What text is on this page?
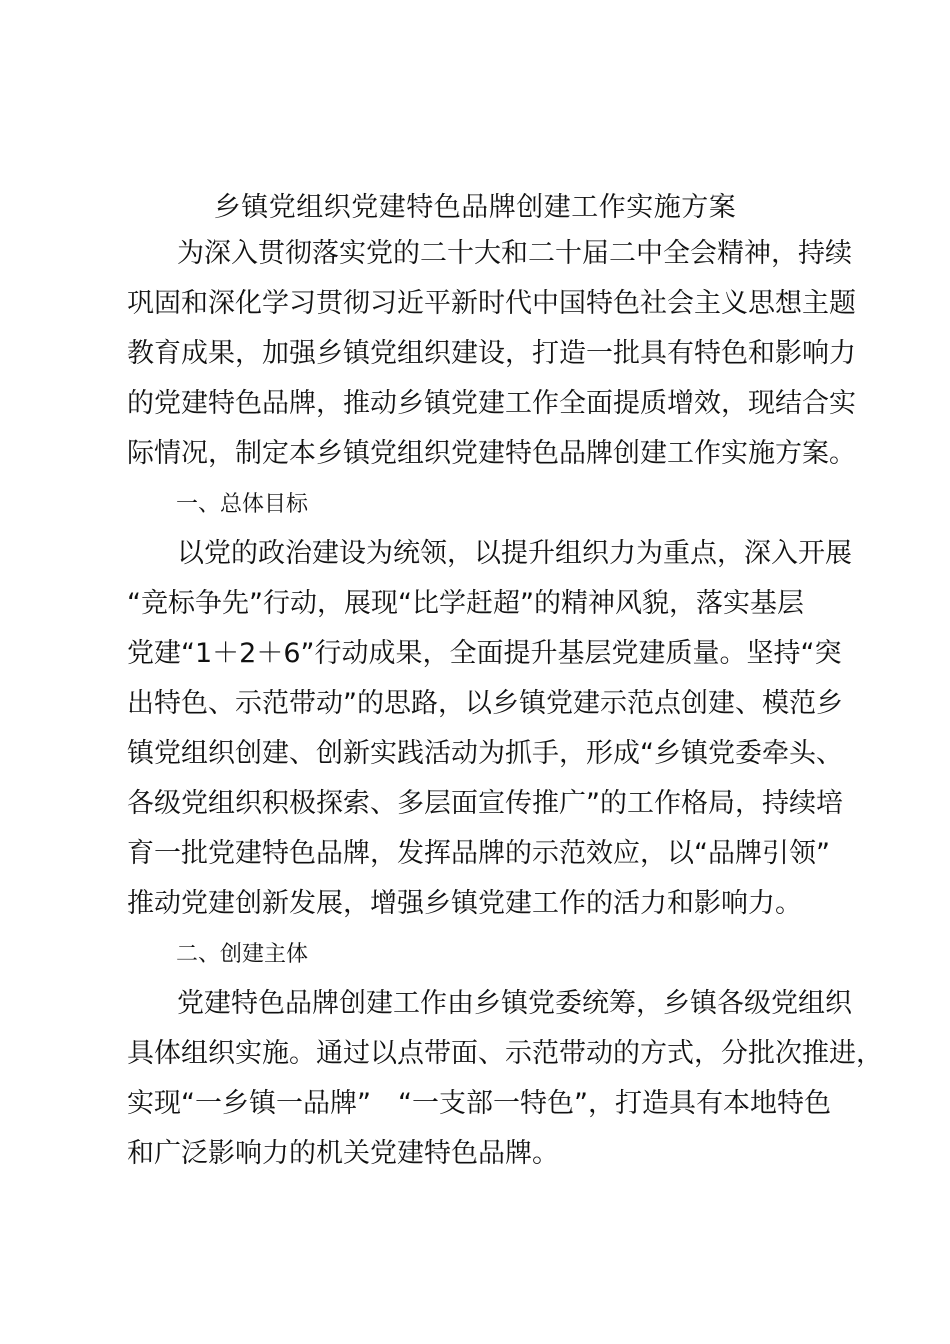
乡镇党组织党建特色品牌创建工作实施方案
为深入贯彻落实党的二十大和二十届二中全会精神，持续
巩固和深化学习贯彻习近平新时代中国特色社会主义思想主题
教育成果，加强乡镇党组织建设，打造一批具有特色和影响力
的党建特色品牌，推动乡镇党建工作全面提质增效，现结合实
际情况，制定本乡镇党组织党建特色品牌创建工作实施方案。
一、总体目标
以党的政治建设为统领，以提升组织力为重点，深入开展
“竞标争先”行动，展现“比学赶超”的精神风貌，落实基层
党建“1＋2＋6”行动成果，全面提升基层党建质量。坚持“突
出特色、示范带动”的思路，以乡镇党建示范点创建、模范乡
镇党组织创建、创新实践活动为抓手，形成“乡镇党委牵头、
各级党组织积极探索、多层面宣传推广”的工作格局，持续培
育一批党建特色品牌，发挥品牌的示范效应，以“品牌引领”
推动党建创新发展，增强乡镇党建工作的活力和影响力。
二、创建主体
党建特色品牌创建工作由乡镇党委统筹，乡镇各级党组织
具体组织实施。通过以点带面、示范带动的方式，分批次推进，
实现“一乡镇一品牌”　“一支部一特色”，打造具有本地特色
和广泛影响力的机关党建特色品牌。
